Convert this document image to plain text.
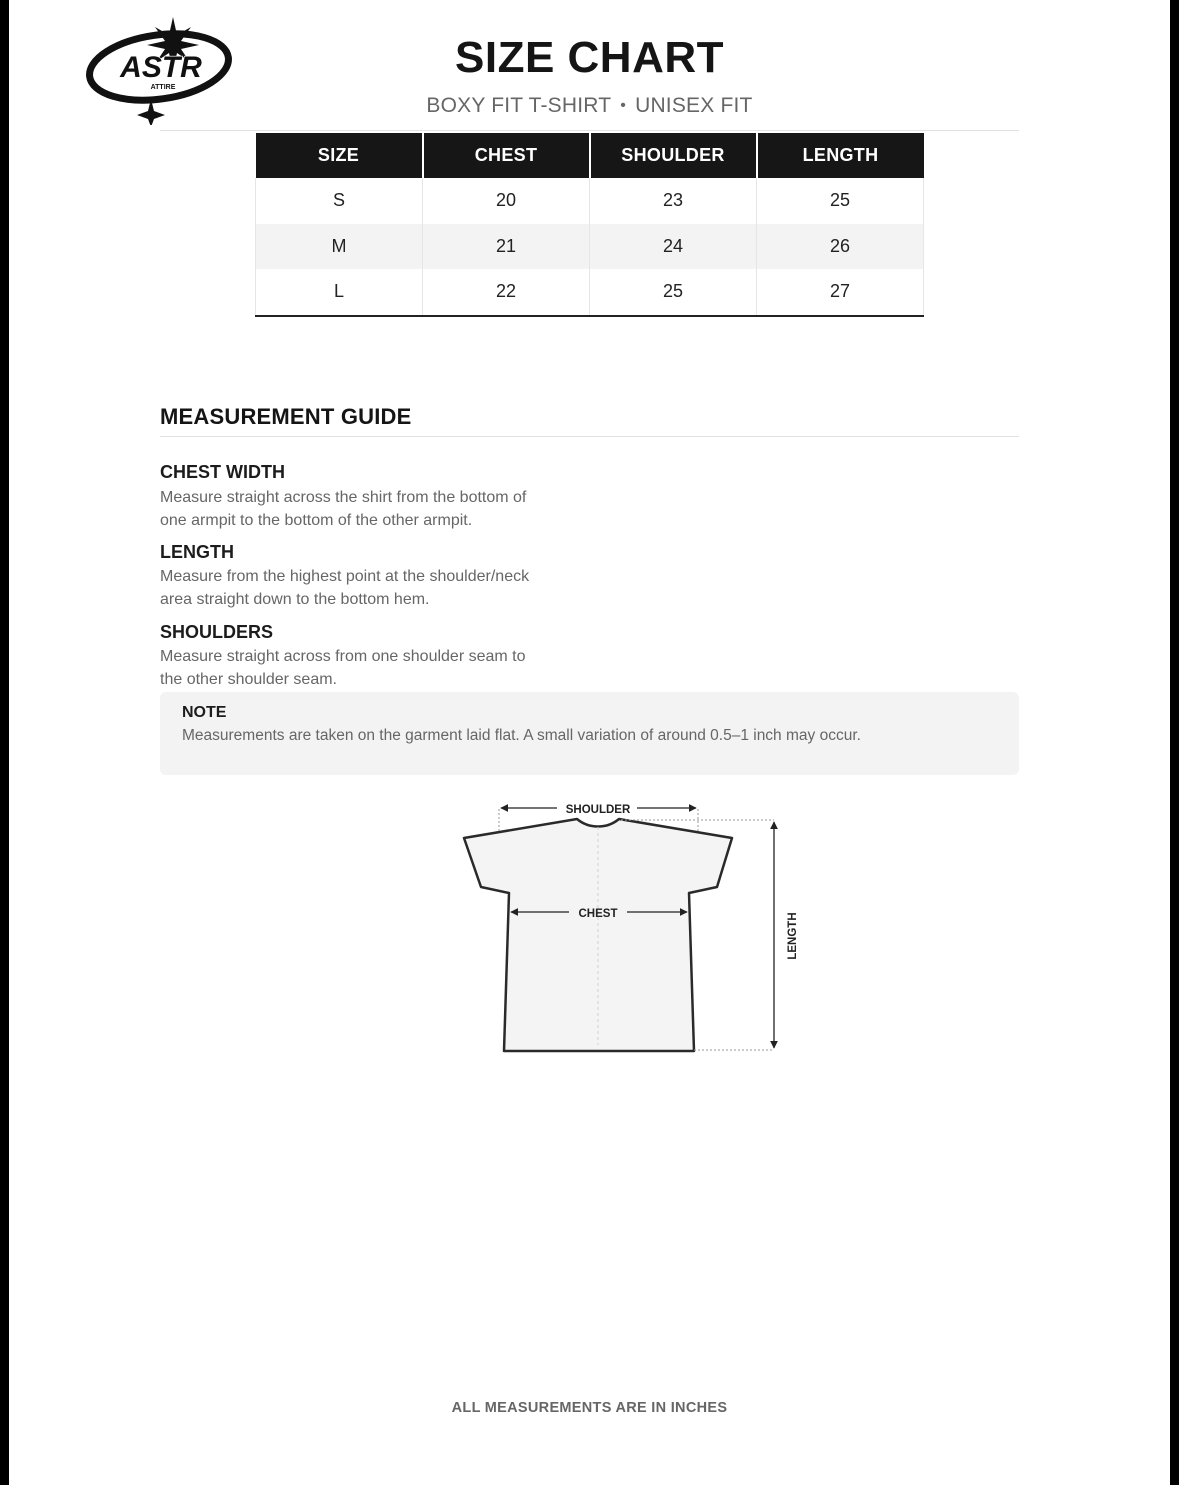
ASTR
ATTIRE
SIZE CHART
BOXY FIT T-SHIRT • UNISEX FIT
SIZE	CHEST	SHOULDER	LENGTH
S	20	23	25
M	21	24	26
L	22	25	27
MEASUREMENT GUIDE
CHEST WIDTH
Measure straight across the shirt from the bottom of
one armpit to the bottom of the other armpit.
LENGTH
Measure from the highest point at the shoulder/neck
area straight down to the bottom hem.
SHOULDERS
Measure straight across from one shoulder seam to
the other shoulder seam.
NOTE
Measurements are taken on the garment laid flat. A small variation of around 0.5–1 inch may occur.
SHOULDER
CHEST	LENGTH
ALL MEASUREMENTS ARE IN INCHES
